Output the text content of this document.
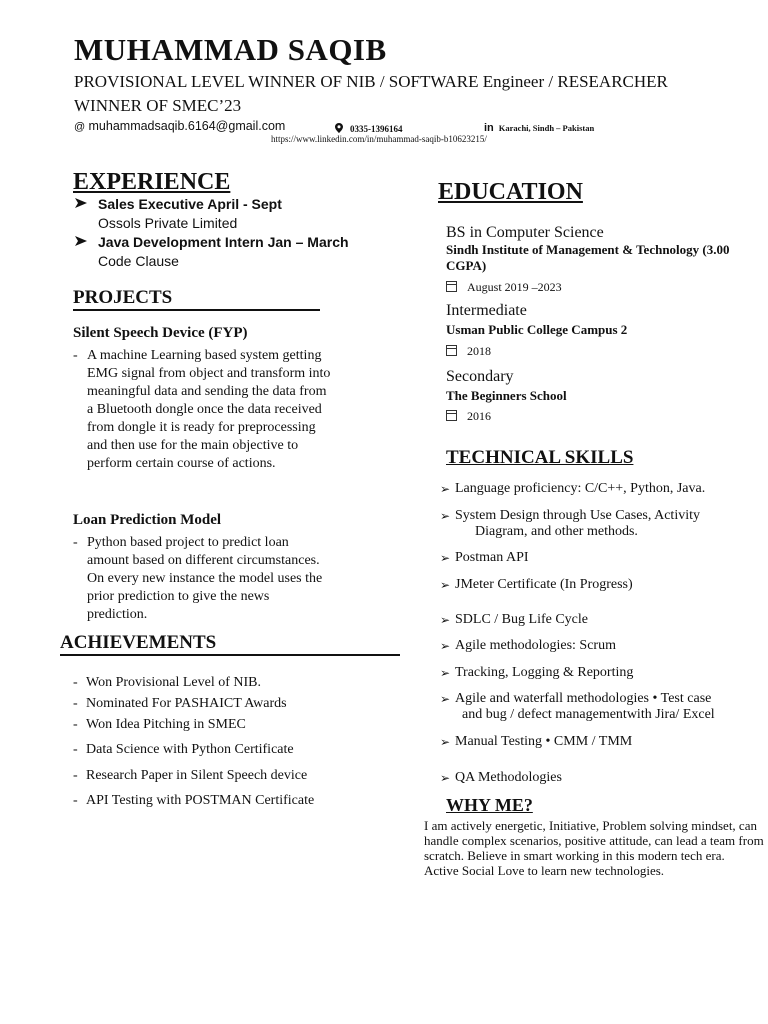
MUHAMMAD SAQIB
PROVISIONAL LEVEL WINNER OF NIB / SOFTWARE Engineer / RESEARCHER
WINNER OF SMEC’23
@ muhammadsaqib.6164@gmail.com	0335-1396164	in Karachi, Sindh – Pakistan
https://www.linkedin.com/in/muhammad-saqib-b10623215/
EXPERIENCE
Sales Executive April - Sept
Ossols Private Limited
Java Development Intern Jan – March
Code Clause
PROJECTS
Silent Speech Device (FYP)
- A machine Learning based system getting EMG signal from object and transform into meaningful data and sending the data from a Bluetooth dongle once the data received from dongle it is ready for preprocessing and then use for the main objective to perform certain course of actions.
Loan Prediction Model
- Python based project to predict loan amount based on different circumstances. On every new instance the model uses the prior prediction to give the news prediction.
ACHIEVEMENTS
- Won Provisional Level of NIB.
- Nominated For PASHAICT Awards
- Won Idea Pitching in SMEC
- Data Science with Python Certificate
- Research Paper in Silent Speech device
- API Testing with POSTMAN Certificate
EDUCATION
BS in Computer Science
Sindh Institute of Management & Technology (3.00 CGPA)
August 2019 –2023
Intermediate
Usman Public College Campus 2
2018
Secondary
The Beginners School
2016
TECHNICAL SKILLS
➢ Language proficiency: C/C++, Python, Java.
➢ System Design through Use Cases, Activity
Diagram, and other methods.
➢ Postman API
➢ JMeter Certificate (In Progress)
➢ SDLC / Bug Life Cycle
➢ Agile methodologies: Scrum
➢ Tracking, Logging & Reporting
➢ Agile and waterfall methodologies • Test case
and bug / defect managementwith Jira/ Excel
➢ Manual Testing • CMM / TMM
➢ QA Methodologies
WHY ME?
I am actively energetic, Initiative, Problem solving mindset, can handle complex scenarios, positive attitude, can lead a team from scratch. Believe in smart working in this modern tech era.
Active Social Love to learn new technologies.
